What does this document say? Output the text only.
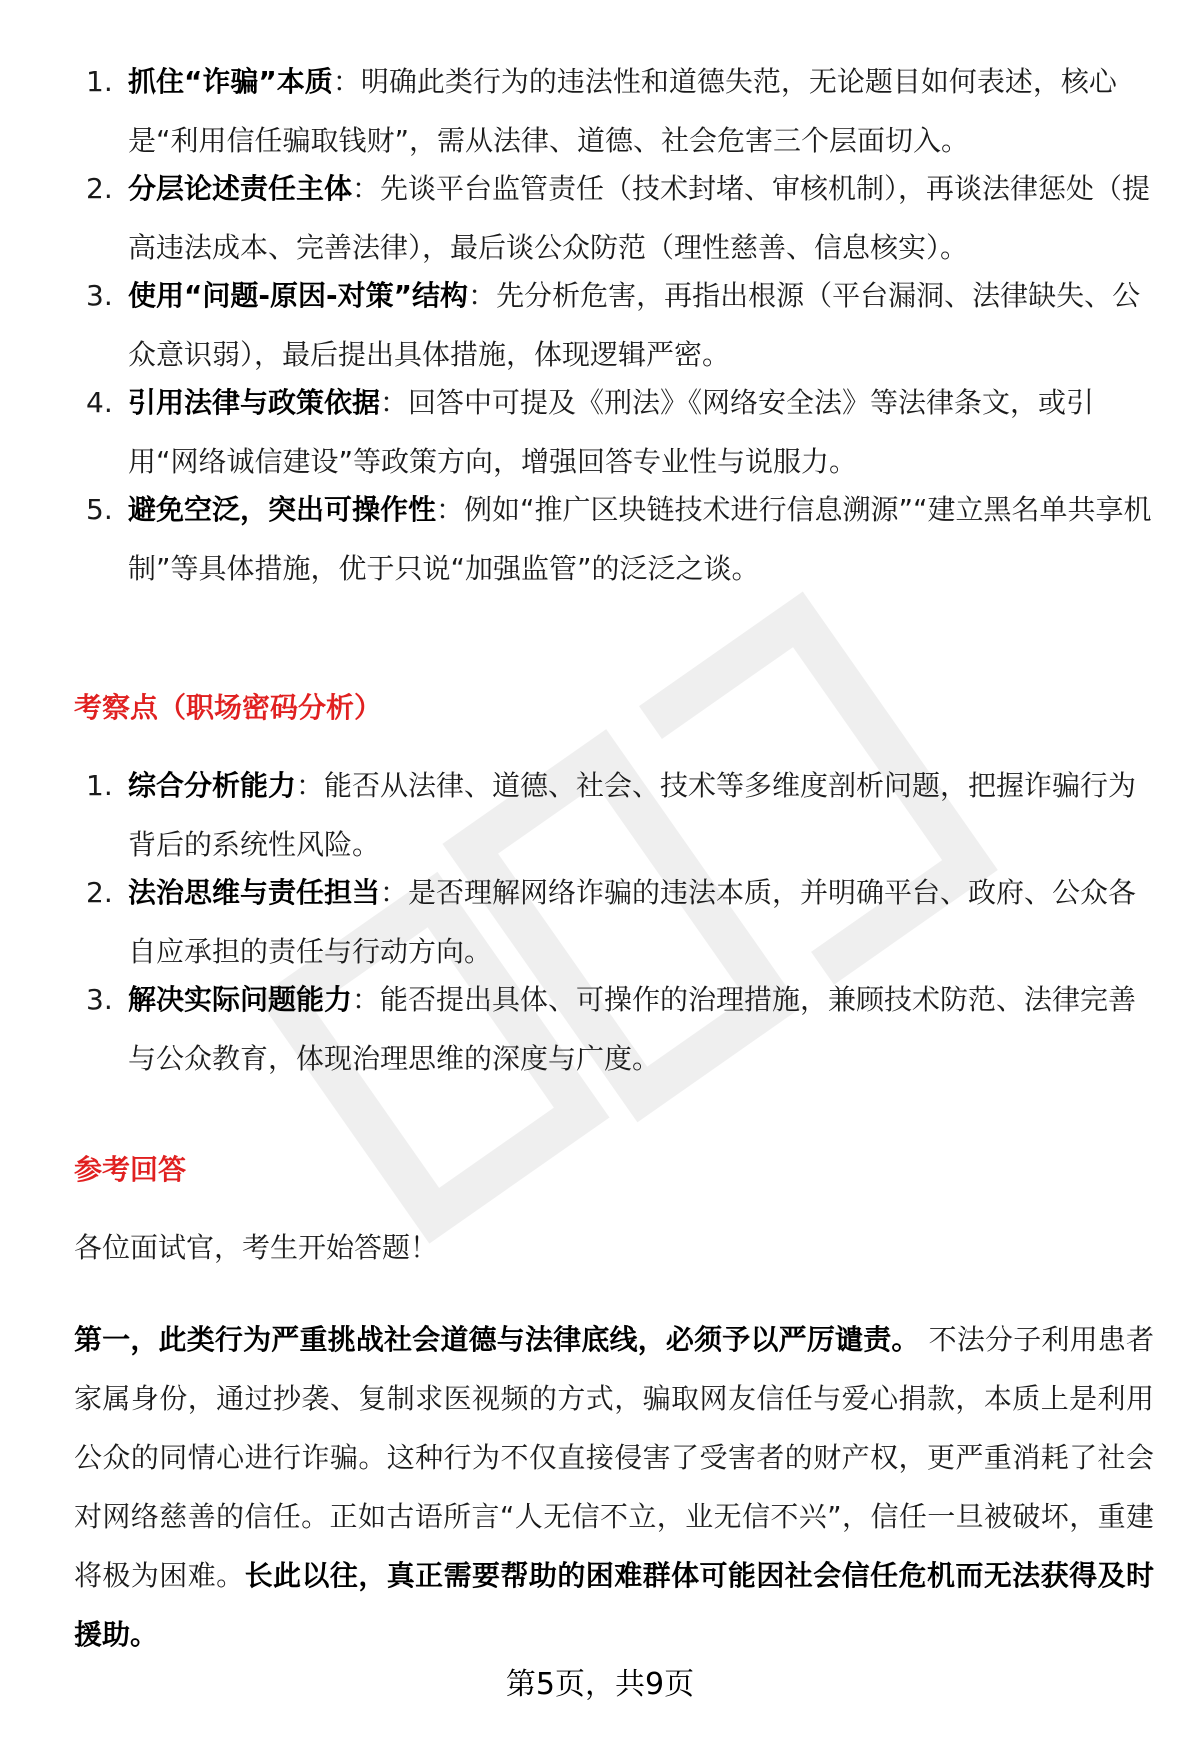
1. 抓住“诈骗”本质：明确此类行为的违法性和道德失范，无论题目如何表述，核心是“利用信任骗取钱财”，需从法律、道德、社会危害三个层面切入。
2. 分层论述责任主体：先谈平台监管责任（技术封堵、审核机制），再谈法律惩处（提高违法成本、完善法律），最后谈公众防范（理性慈善、信息核实）。
3. 使用“问题-原因-对策”结构：先分析危害，再指出根源（平台漏洞、法律缺失、公众意识弱），最后提出具体措施，体现逻辑严密。
4. 引用法律与政策依据：回答中可提及《刑法》《网络安全法》等法律条文，或引用“网络诚信建设”等政策方向，增强回答专业性与说服力。
5. 避免空泛，突出可操作性：例如“推广区块链技术进行信息溯源”“建立黑名单共享机制”等具体措施，优于只说“加强监管”的泛泛之谈。
考察点（职场密码分析）
1. 综合分析能力：能否从法律、道德、社会、技术等多维度剖析问题，把握诈骗行为背后的系统性风险。
2. 法治思维与责任担当：是否理解网络诈骗的违法本质，并明确平台、政府、公众各自应承担的责任与行动方向。
3. 解决实际问题能力：能否提出具体、可操作的治理措施，兼顾技术防范、法律完善与公众教育，体现治理思维的深度与广度。
参考回答
各位面试官，考生开始答题！
第一，此类行为严重挑战社会道德与法律底线，必须予以严厉谴责。 不法分子利用患者家属身份，通过抄袭、复制求医视频的方式，骗取网友信任与爱心捐款，本质上是利用公众的同情心进行诈骗。这种行为不仅直接侵害了受害者的财产权，更严重消耗了社会对网络慈善的信任。正如古语所言“人无信不立，业无信不兴”，信任一旦被破坏，重建将极为困难。长此以往，真正需要帮助的困难群体可能因社会信任危机而无法获得及时援助。
第5页，共9页
